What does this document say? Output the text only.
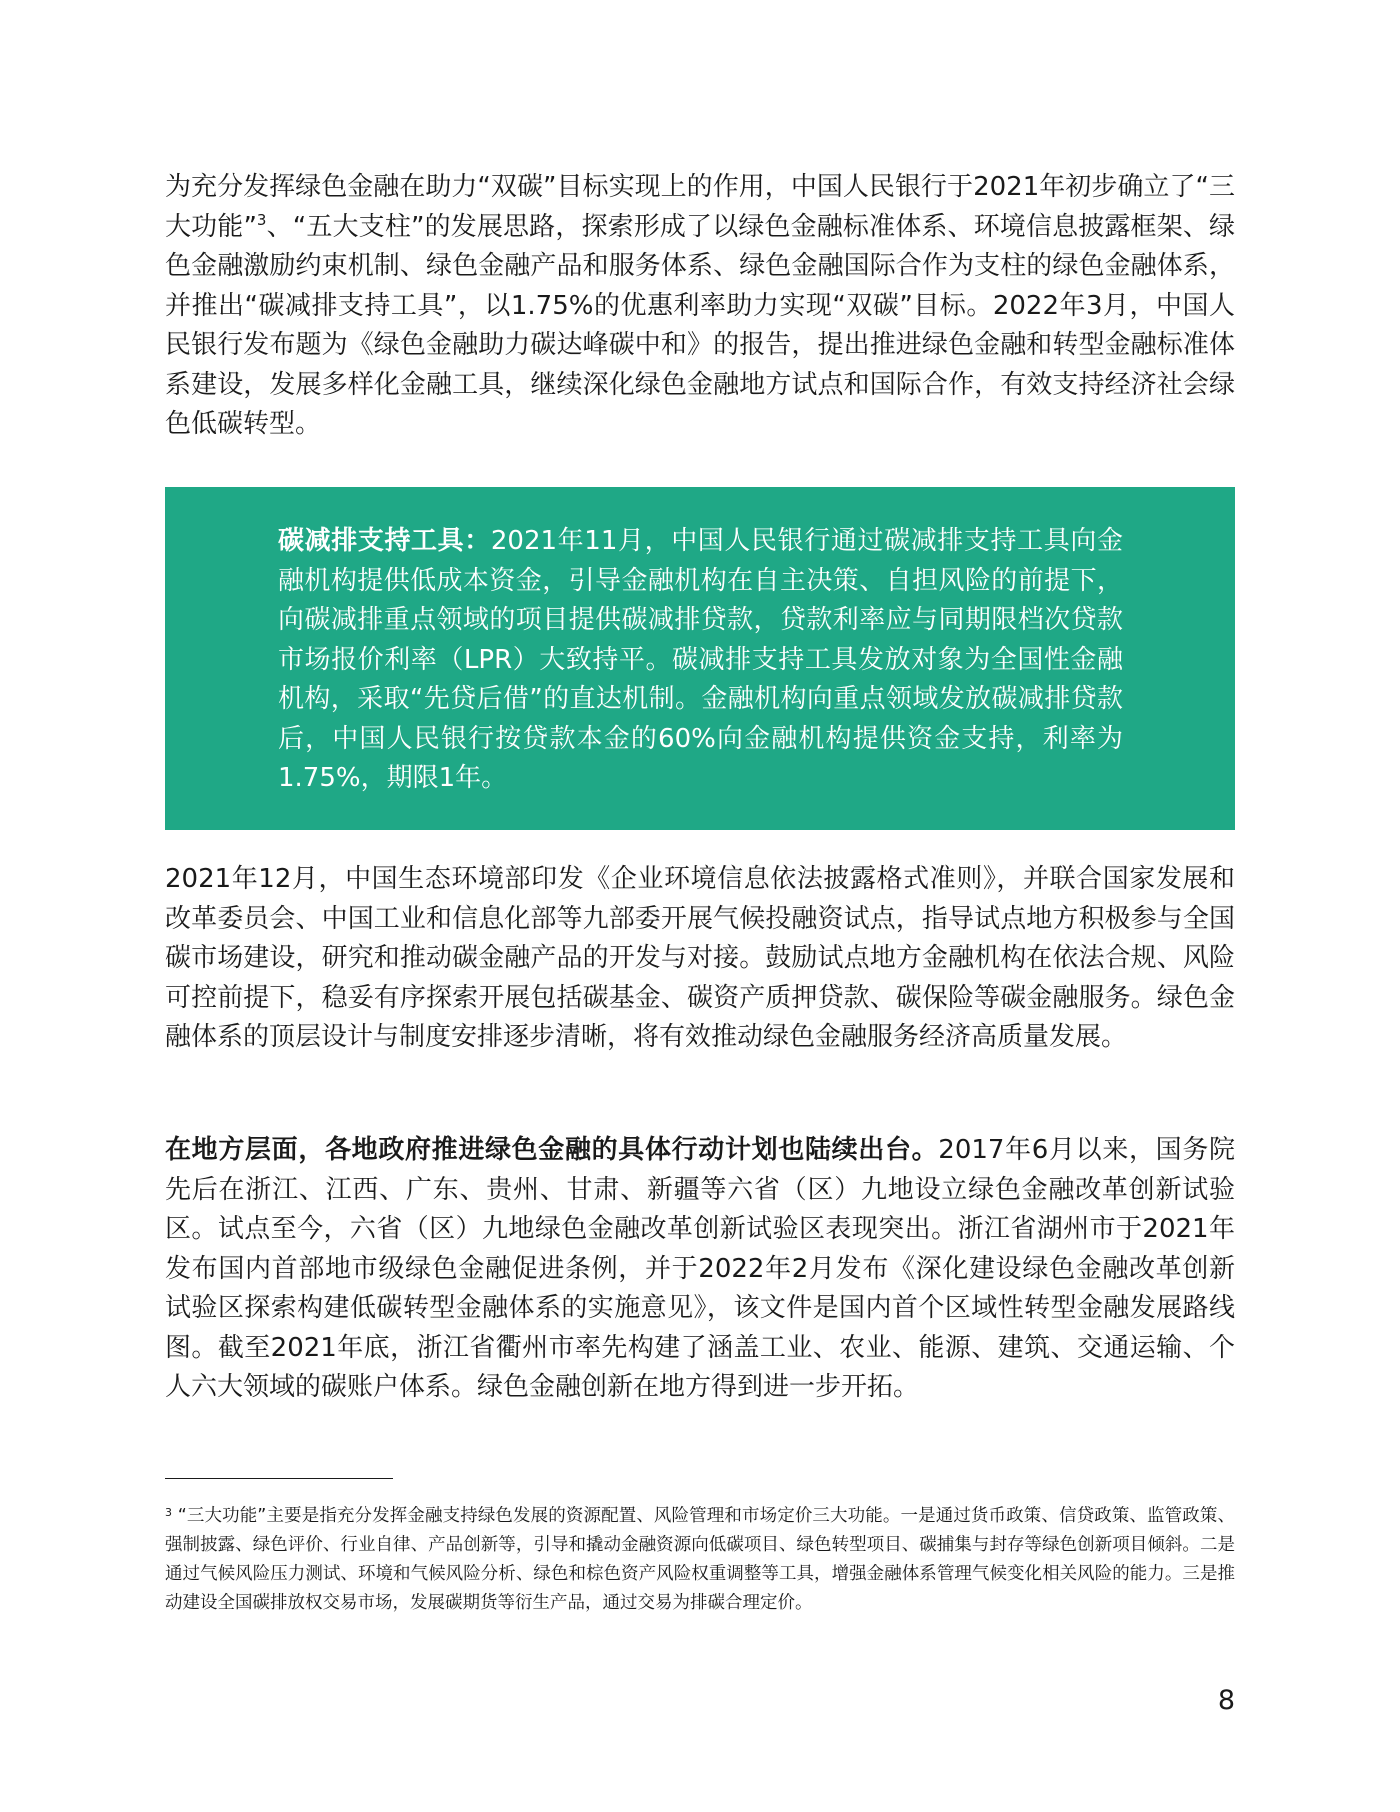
为充分发挥绿色金融在助力“双碳”目标实现上的作用，中国人民银行于2021年初步确立了“三大功能”$^3$、“五大支柱”的发展思路，探索形成了以绿色金融标准体系、环境信息披露框架、绿色金融激励约束机制、绿色金融产品和服务体系、绿色金融国际合作为支柱的绿色金融体系，并推出“碳减排支持工具”，以1.75%的优惠利率助力实现“双碳”目标。2022年3月，中国人民银行发布题为《绿色金融助力碳达峰碳中和》的报告，提出推进绿色金融和转型金融标准体系建设，发展多样化金融工具，继续深化绿色金融地方试点和国际合作，有效支持经济社会绿色低碳转型。

碳减排支持工具：2021年11月，中国人民银行通过碳减排支持工具向金融机构提供低成本资金，引导金融机构在自主决策、自担风险的前提下，向碳减排重点领域的项目提供碳减排贷款，贷款利率应与同期限档次贷款市场报价利率（LPR）大致持平。碳减排支持工具发放对象为全国性金融机构，采取“先贷后借”的直达机制。金融机构向重点领域发放碳减排贷款后，中国人民银行按贷款本金的60%向金融机构提供资金支持，利率为1.75%，期限1年。

2021年12月，中国生态环境部印发《企业环境信息依法披露格式准则》，并联合国家发展和改革委员会、中国工业和信息化部等九部委开展气候投融资试点，指导试点地方积极参与全国碳市场建设，研究和推动碳金融产品的开发与对接。鼓励试点地方金融机构在依法合规、风险可控前提下，稳妥有序探索开展包括碳基金、碳资产质押贷款、碳保险等碳金融服务。绿色金融体系的顶层设计与制度安排逐步清晰，将有效推动绿色金融服务经济高质量发展。

在地方层面，各地政府推进绿色金融的具体行动计划也陆续出台。2017年6月以来，国务院先后在浙江、江西、广东、贵州、甘肃、新疆等六省（区）九地设立绿色金融改革创新试验区。试点至今，六省（区）九地绿色金融改革创新试验区表现突出。浙江省湖州市于2021年发布国内首部地市级绿色金融促进条例，并于2022年2月发布《深化建设绿色金融改革创新试验区探索构建低碳转型金融体系的实施意见》，该文件是国内首个区域性转型金融发展路线图。截至2021年底，浙江省衢州市率先构建了涵盖工业、农业、能源、建筑、交通运输、个人六大领域的碳账户体系。绿色金融创新在地方得到进一步开拓。

$^3$ “三大功能”主要是指充分发挥金融支持绿色发展的资源配置、风险管理和市场定价三大功能。一是通过货币政策、信贷政策、监管政策、强制披露、绿色评价、行业自律、产品创新等，引导和撬动金融资源向低碳项目、绿色转型项目、碳捕集与封存等绿色创新项目倾斜。二是通过气候风险压力测试、环境和气候风险分析、绿色和棕色资产风险权重调整等工具，增强金融体系管理气候变化相关风险的能力。三是推动建设全国碳排放权交易市场，发展碳期货等衍生产品，通过交易为排碳合理定价。

8
